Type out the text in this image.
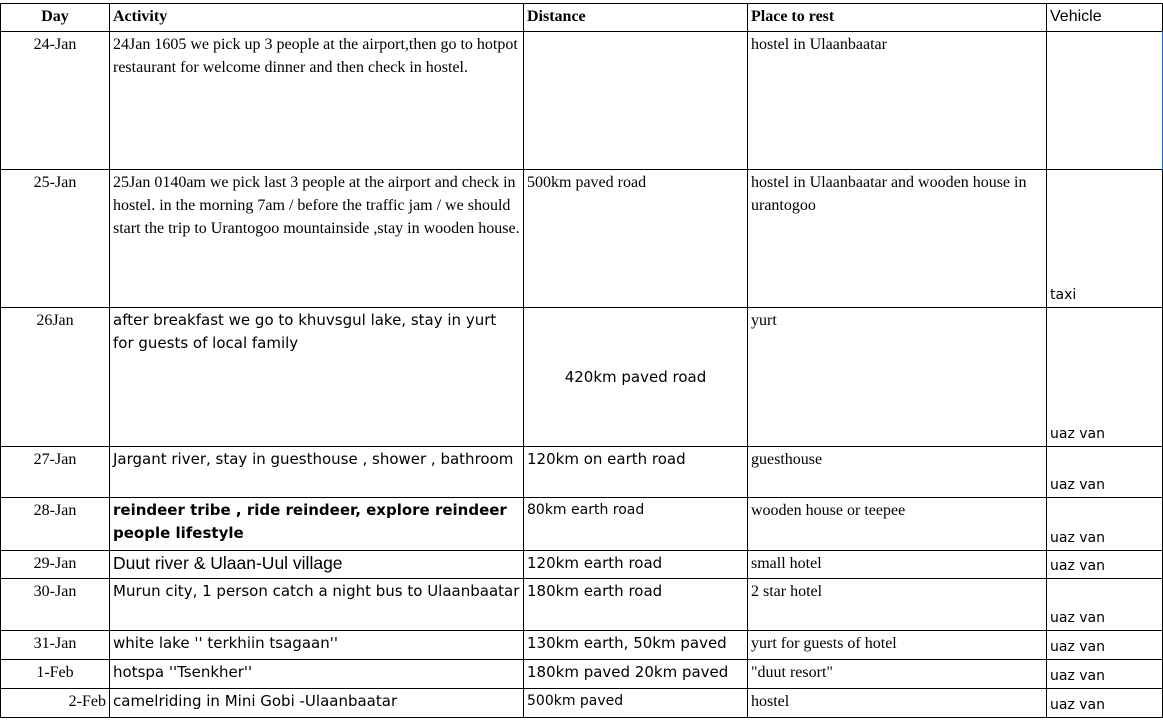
Day	Activity	Distance	Place to rest	Vehicle
24-Jan	24Jan 1605 we pick up 3 people at the airport,then go to hotpot restaurant for welcome dinner and then check in hostel.		hostel in Ulaanbaatar	
25-Jan	25Jan 0140am we pick last 3 people at the airport and check in hostel. in the morning 7am / before the traffic jam / we should start the trip to Urantogoo mountainside ,stay in wooden house.	500km paved road	hostel in Ulaanbaatar and wooden house in urantogoo	taxi
26Jan	after breakfast we go to khuvsgul lake, stay in yurt for guests of local family	420km paved road	yurt	uaz van
27-Jan	Jargant river, stay in guesthouse , shower , bathroom	120km on earth road	guesthouse	uaz van
28-Jan	reindeer tribe , ride reindeer, explore reindeer people lifestyle	80km earth road	wooden house or teepee	uaz van
29-Jan	Duut river & Ulaan-Uul village	120km earth road	small hotel	uaz van
30-Jan	Murun city, 1 person catch a night bus to Ulaanbaatar	180km earth road	2 star hotel	uaz van
31-Jan	white lake '' terkhiin tsagaan''	130km earth, 50km paved	yurt for guests of hotel	uaz van
1-Feb	hotspa ''Tsenkher''	180km paved 20km paved	"duut resort"	uaz van
2-Feb	camelriding in Mini Gobi -Ulaanbaatar	500km paved	hostel	uaz van
